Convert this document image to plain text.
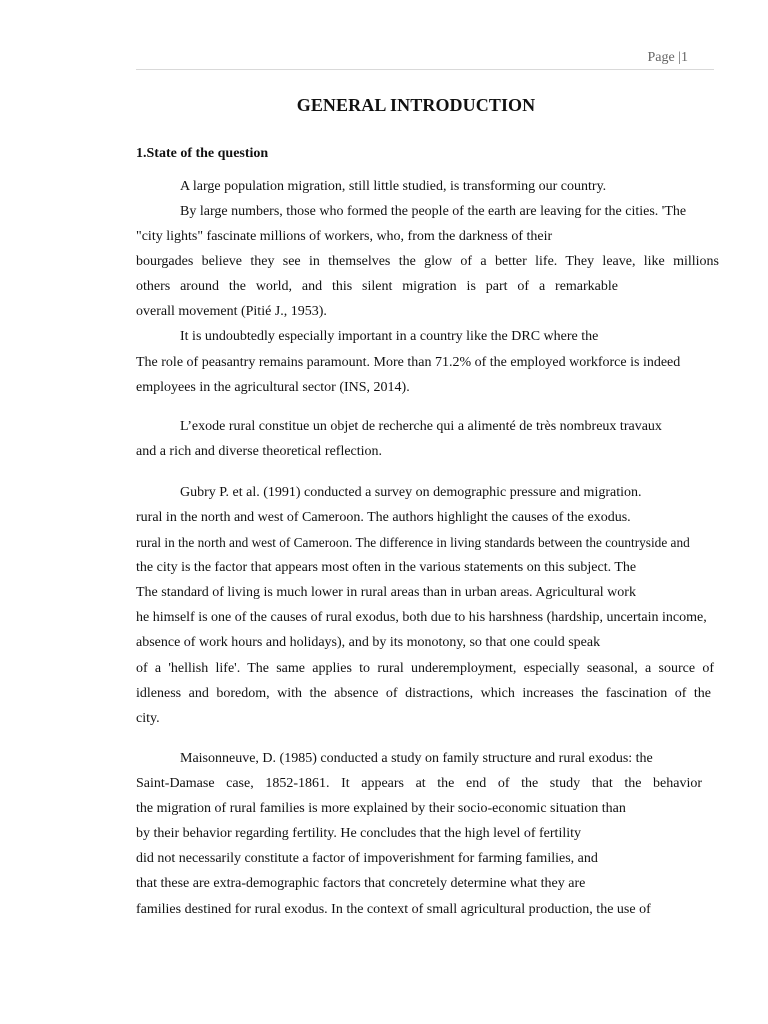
Page |1
GENERAL INTRODUCTION
1.State of the question
A large population migration, still little studied, is transforming our country.
By large numbers, those who formed the people of the earth are leaving for the cities. 'The
"city lights" fascinate millions of workers, who, from the darkness of their
bourgades believe they see in themselves the glow of a better life. They leave, like millions
others around the world, and this silent migration is part of a remarkable
overall movement (Pitié J., 1953).
It is undoubtedly especially important in a country like the DRC where the
The role of peasantry remains paramount. More than 71.2% of the employed workforce is indeed
employees in the agricultural sector (INS, 2014).
L’exode rural constitue un objet de recherche qui a alimenté de très nombreux travaux
and a rich and diverse theoretical reflection.
Gubry P. et al. (1991) conducted a survey on demographic pressure and migration.
rural in the north and west of Cameroon. The authors highlight the causes of the exodus.
rural in the north and west of Cameroon. The difference in living standards between the countryside and
the city is the factor that appears most often in the various statements on this subject. The
The standard of living is much lower in rural areas than in urban areas. Agricultural work
he himself is one of the causes of rural exodus, both due to his harshness (hardship, uncertain income,
absence of work hours and holidays), and by its monotony, so that one could speak
of a 'hellish life'. The same applies to rural underemployment, especially seasonal, a source of
idleness and boredom, with the absence of distractions, which increases the fascination of the
city.
Maisonneuve, D. (1985) conducted a study on family structure and rural exodus: the
Saint-Damase case, 1852-1861. It appears at the end of the study that the behavior
the migration of rural families is more explained by their socio-economic situation than
by their behavior regarding fertility. He concludes that the high level of fertility
did not necessarily constitute a factor of impoverishment for farming families, and
that these are extra-demographic factors that concretely determine what they are
families destined for rural exodus. In the context of small agricultural production, the use of
